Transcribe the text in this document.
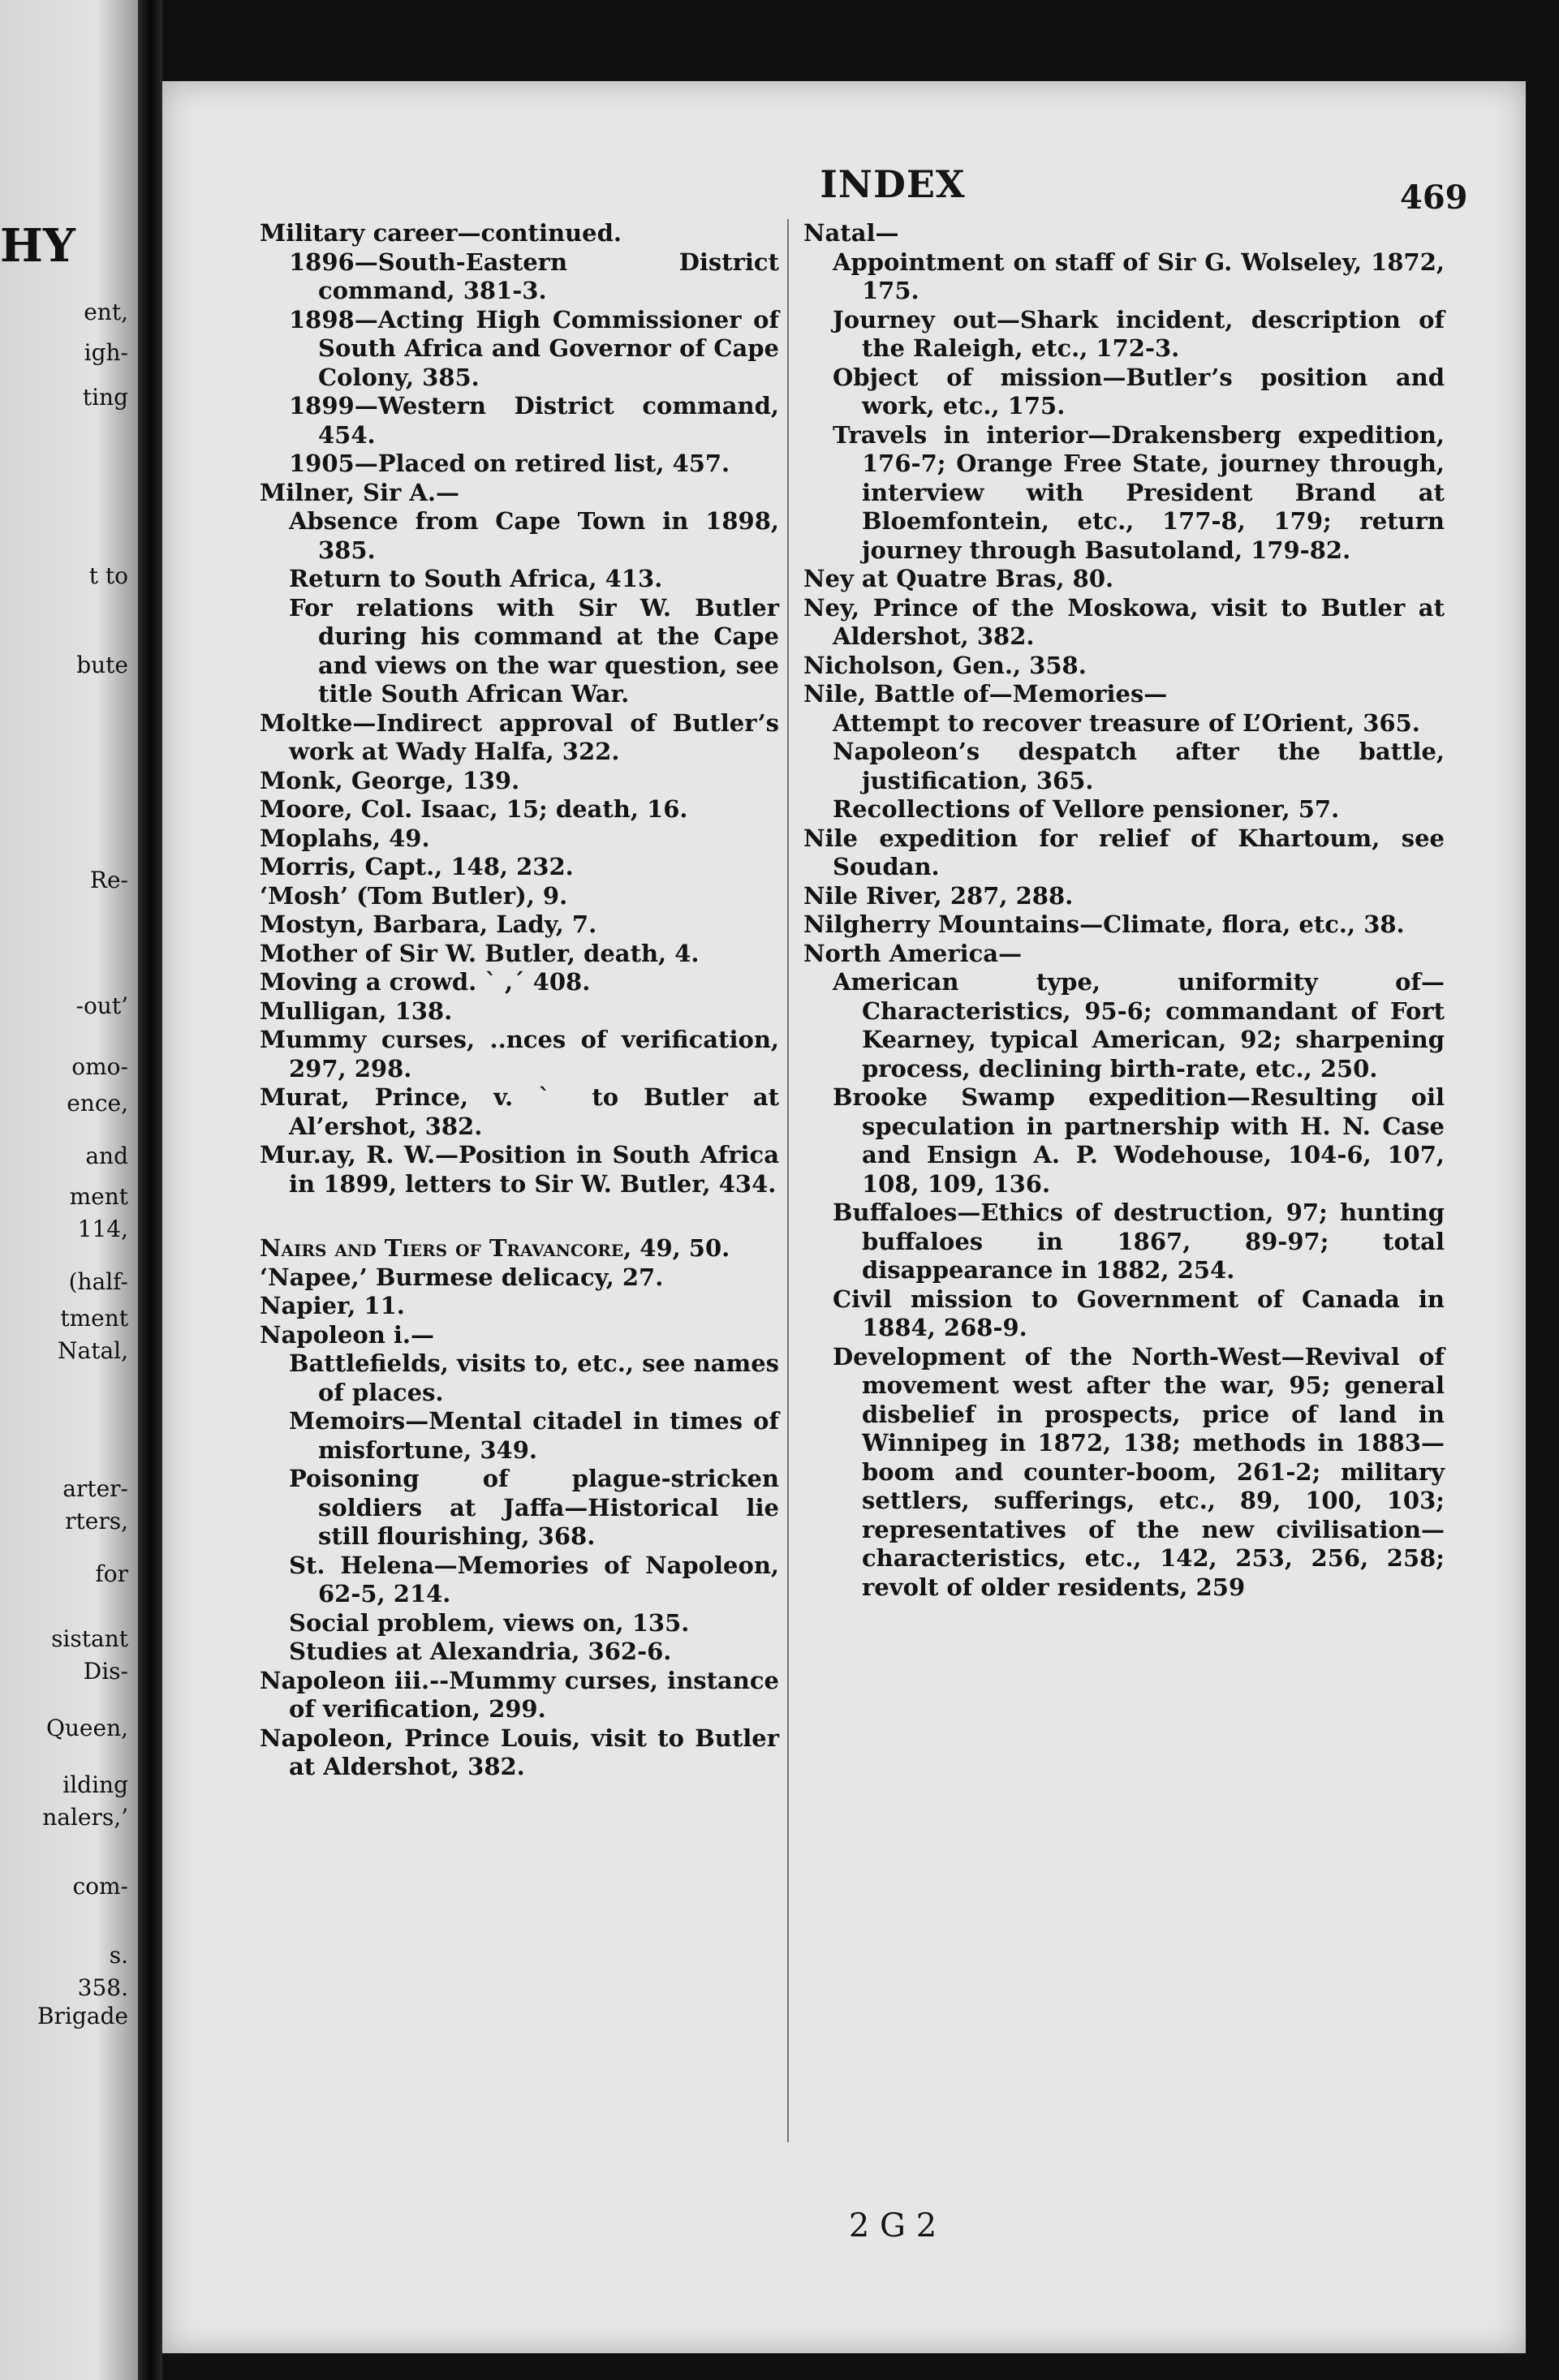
HY
ent,
igh-
ting
t to
bute
Re-
-out’
omo-
ence,
and
ment
114,
(half-
tment
Natal,
arter-
rters,
for
sistant
Dis-
Queen,
ilding
nalers,’
com-
s.
358.
Brigade
INDEX	469

Military career—continued.

1896—South-Eastern District command, 381-3.

1898—Acting High Commissioner of South Africa and Governor of Cape Colony, 385.

1899—Western District command, 454.

1905—Placed on retired list, 457.

Milner, Sir A.—

Absence from Cape Town in 1898, 385.

Return to South Africa, 413.

For relations with Sir W. Butler during his command at the Cape and views on the war question, see title South African War.

Moltke—Indirect approval of Butler’s work at Wady Halfa, 322.

Monk, George, 139.

Moore, Col. Isaac, 15; death, 16.

Moplahs, 49.

Morris, Capt., 148, 232.

‘Mosh’ (Tom Butler), 9.

Mostyn, Barbara, Lady, 7.

Mother of Sir W. Butler, death, 4.

Moving a crowd. ˋ ,ˊ 408.

Mulligan, 138.

Mummy curses, ..nces of verification, 297, 298.

Murat, Prince, v. ˋ to Butler at Al’ershot, 382.

Mur.ay, R. W.—Position in South Africa in 1899, letters to Sir W. Butler, 434.

Nairs and Tiers of Travancore, 49, 50.

‘Napee,’ Burmese delicacy, 27.

Napier, 11.

Napoleon i.—

Battlefields, visits to, etc., see names of places.

Memoirs—Mental citadel in times of misfortune, 349.

Poisoning of plague-stricken soldiers at Jaffa—Historical lie still flourishing, 368.

St. Helena—Memories of Napoleon, 62-5, 214.

Social problem, views on, 135.

Studies at Alexandria, 362-6.

Napoleon iii.--Mummy curses, instance of verification, 299.

Napoleon, Prince Louis, visit to Butler at Aldershot, 382.

Natal—

Appointment on staff of Sir G. Wolseley, 1872, 175.

Journey out—Shark incident, description of the Raleigh, etc., 172-3.

Object of mission—Butler’s position and work, etc., 175.

Travels in interior—Drakensberg expedition, 176-7; Orange Free State, journey through, interview with President Brand at Bloemfontein, etc., 177-8, 179; return journey through Basutoland, 179-82.

Ney at Quatre Bras, 80.

Ney, Prince of the Moskowa, visit to Butler at Aldershot, 382.

Nicholson, Gen., 358.

Nile, Battle of—Memories—

Attempt to recover treasure of L’Orient, 365.

Napoleon’s despatch after the battle, justification, 365.

Recollections of Vellore pensioner, 57.

Nile expedition for relief of Khartoum, see Soudan.

Nile River, 287, 288.

Nilgherry Mountains—Climate, flora, etc., 38.

North America—

American type, uniformity of—Characteristics, 95-6; commandant of Fort Kearney, typical American, 92; sharpening process, declining birth-rate, etc., 250.

Brooke Swamp expedition—Resulting oil speculation in partnership with H. N. Case and Ensign A. P. Wodehouse, 104-6, 107, 108, 109, 136.

Buffaloes—Ethics of destruction, 97; hunting buffaloes in 1867, 89-97; total disappearance in 1882, 254.

Civil mission to Government of Canada in 1884, 268-9.

Development of the North-West—Revival of movement west after the war, 95; general disbelief in prospects, price of land in Winnipeg in 1872, 138; methods in 1883—boom and counter-boom, 261-2; military settlers, sufferings, etc., 89, 100, 103; representatives of the new civilisation—characteristics, etc., 142, 253, 256, 258; revolt of older residents, 259

2 G 2
